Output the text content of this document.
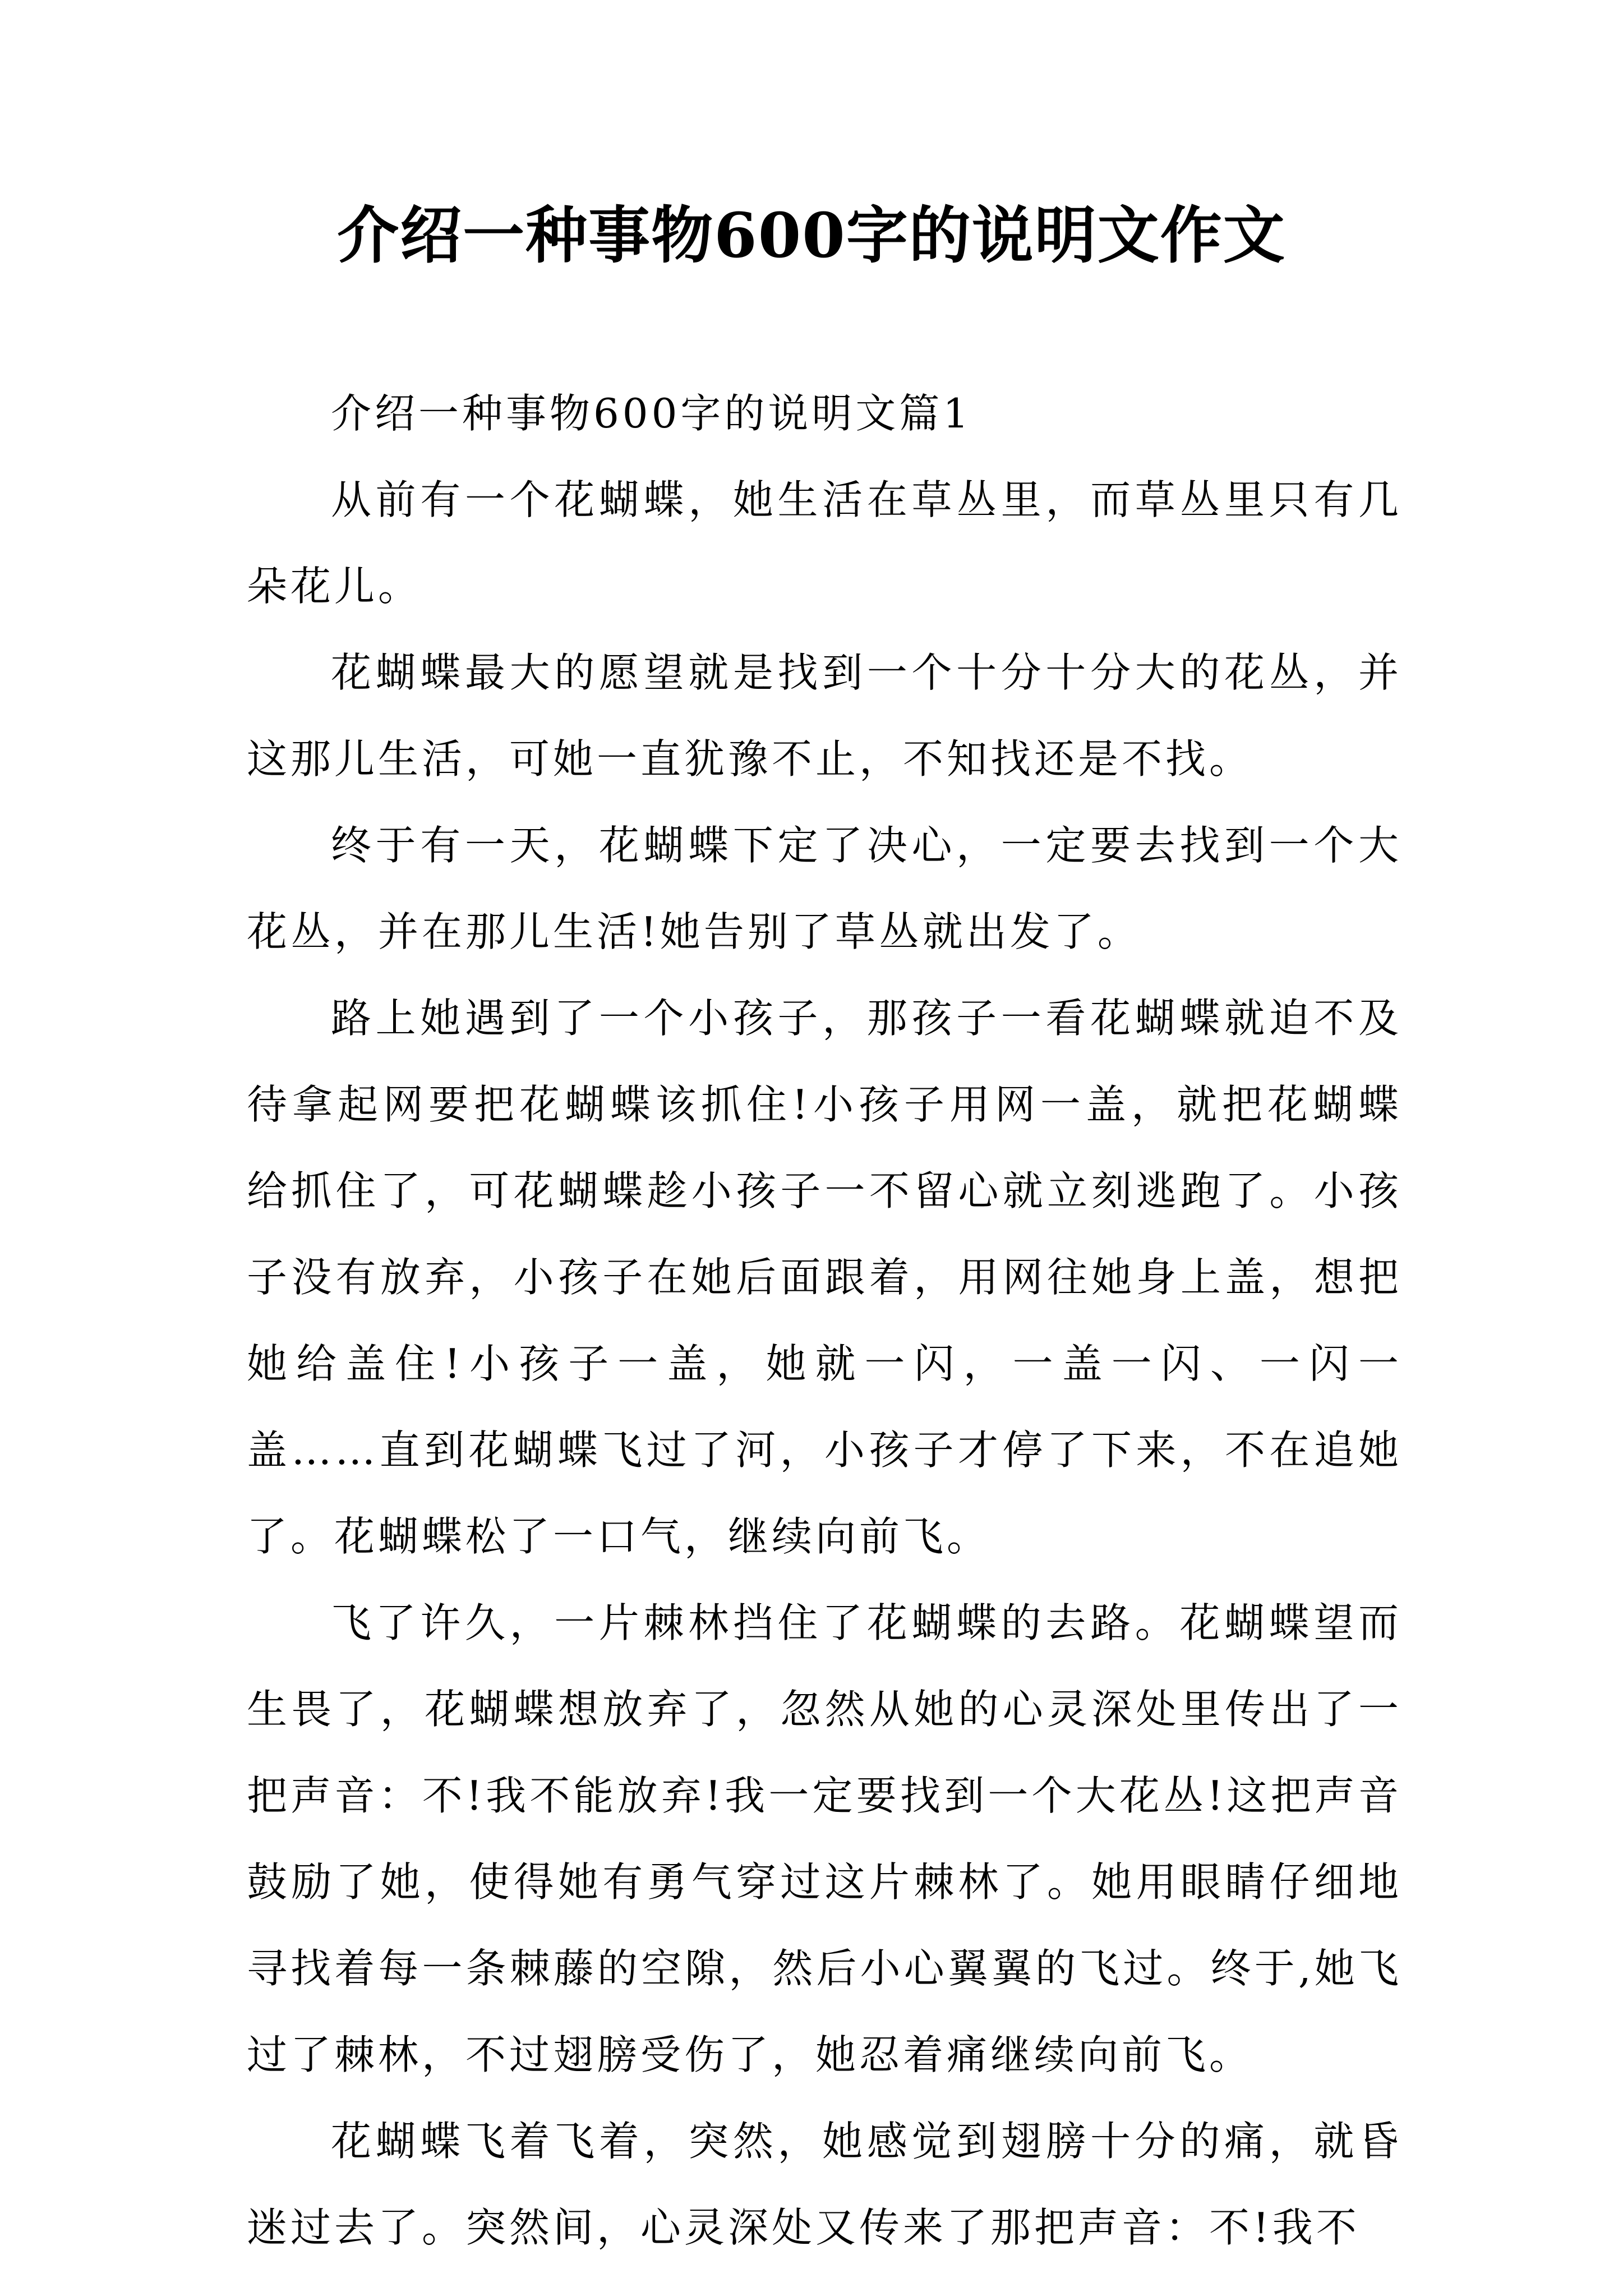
介绍一种事物600字的说明文作文

介绍一种事物600字的说明文篇1

从前有一个花蝴蝶，她生活在草丛里，而草丛里只有几朵花儿。

花蝴蝶最大的愿望就是找到一个十分十分大的花丛，并这那儿生活，可她一直犹豫不止，不知找还是不找。

终于有一天，花蝴蝶下定了决心，一定要去找到一个大花丛，并在那儿生活!她告别了草丛就出发了。

路上她遇到了一个小孩子，那孩子一看花蝴蝶就迫不及待拿起网要把花蝴蝶该抓住!小孩子用网一盖，就把花蝴蝶给抓住了，可花蝴蝶趁小孩子一不留心就立刻逃跑了。小孩子没有放弃，小孩子在她后面跟着，用网往她身上盖，想把她给盖住!小孩子一盖，她就一闪，一盖一闪、一闪一盖……直到花蝴蝶飞过了河，小孩子才停了下来，不在追她了。花蝴蝶松了一口气，继续向前飞。

飞了许久，一片棘林挡住了花蝴蝶的去路。花蝴蝶望而生畏了，花蝴蝶想放弃了，忽然从她的心灵深处里传出了一把声音：不!我不能放弃!我一定要找到一个大花丛!这把声音鼓励了她，使得她有勇气穿过这片棘林了。她用眼睛仔细地寻找着每一条棘藤的空隙，然后小心翼翼的飞过。终于,她飞过了棘林，不过翅膀受伤了，她忍着痛继续向前飞。

花蝴蝶飞着飞着，突然，她感觉到翅膀十分的痛，就昏迷过去了。突然间，心灵深处又传来了那把声音：不!我不
